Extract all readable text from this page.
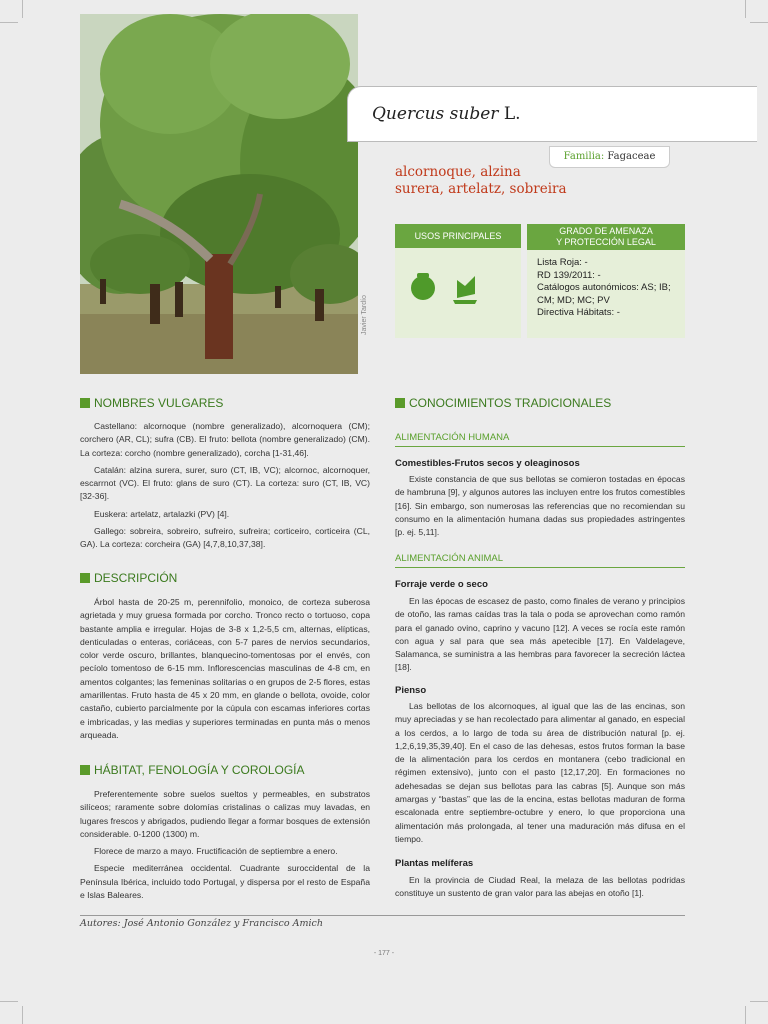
Javier Tardío
Quercus suber L.
Familia: Fagaceae
alcornoque, alzina
surera, artelatz, sobreira
USOS PRINCIPALES	GRADO DE AMENAZA
Y PROTECCIÓN LEGAL
Lista Roja: -
RD 139/2011: -
Catálogos autonómicos: AS; IB;
CM; MD; MC; PV
Directiva Hábitats: -
NOMBRES VULGARES

Castellano: alcornoque (nombre generalizado), alcornoquera (CM); corchero (AR, CL); sufra (CB). El fruto: bellota (nombre generalizado) (CM). La corteza: corcho (nombre generalizado), corcha [1-31,46].

Catalán: alzina surera, surer, suro (CT, IB, VC); alcornoc, alcornoquer, escarrnot (VC). El fruto: glans de suro (CT). La corteza: suro (CT, IB, VC) [32-36].

Euskera: artelatz, artalazki (PV) [4].

Gallego: sobreira, sobreiro, sufreiro, sufreira; corticeiro, corticeira (CL, GA). La corteza: corcheira (GA) [4,7,8,10,37,38].

DESCRIPCIÓN

Árbol hasta de 20-25 m, perennifolio, monoico, de corteza suberosa agrietada y muy gruesa formada por corcho. Tronco recto o tortuoso, copa bastante amplia e irregular. Hojas de 3-8 x 1,2-5,5 cm, alternas, elípticas, denticuladas o enteras, coriáceas, con 5-7 pares de nervios secundarios, color verde oscuro, brillantes, blanquecino-tomentosas por el envés, con pecíolo tomentoso de 6-15 mm. Inflorescencias masculinas de 4-8 cm, en amentos colgantes; las femeninas solitarias o en grupos de 2-5 flores, estas amarillentas. Fruto hasta de 45 x 20 mm, en glande o bellota, ovoide, color castaño, cubierto parcialmente por la cúpula con escamas inferiores cortas e imbricadas, y las medias y superiores terminadas en punta más o menos arqueada.

HÁBITAT, FENOLOGÍA Y COROLOGÍA

Preferentemente sobre suelos sueltos y permeables, en substratos silíceos; raramente sobre dolomías cristalinas o calizas muy lavadas, en lugares frescos y abrigados, pudiendo llegar a formar bosques de extensión considerable. 0-1200 (1300) m.

Florece de marzo a mayo. Fructificación de septiembre a enero.

Especie mediterránea occidental. Cuadrante suroccidental de la Península Ibérica, incluido todo Portugal, y dispersa por el resto de España e Islas Baleares.

CONOCIMIENTOS TRADICIONALES
ALIMENTACIÓN HUMANA
Comestibles-Frutos secos y oleaginosos

Existe constancia de que sus bellotas se comieron tostadas en épocas de hambruna [9], y algunos autores las incluyen entre los frutos comestibles [16]. Sin embargo, son numerosas las referencias que no recomiendan su consumo en la alimentación humana dadas sus propiedades astringentes [p. ej. 5,11].

ALIMENTACIÓN ANIMAL
Forraje verde o seco

En las épocas de escasez de pasto, como finales de verano y principios de otoño, las ramas caídas tras la tala o poda se aprovechan como ramón para el ganado ovino, caprino y vacuno [12]. A veces se rocía este ramón con agua y sal para que sea más apetecible [17]. En Valdelageve, Salamanca, se suministra a las hembras para favorecer la secreción láctea [18].

Pienso

Las bellotas de los alcornoques, al igual que las de las encinas, son muy apreciadas y se han recolectado para alimentar al ganado, en especial a los cerdos, a lo largo de toda su área de distribución natural [p. ej. 1,2,6,19,35,39,40]. En el caso de las dehesas, estos frutos forman la base de la alimentación para los cerdos en montanera (cebo tradicional en régimen extensivo), junto con el pasto [12,17,20]. En formaciones no adehesadas se dejan sus bellotas para las cabras [5]. Aunque son más amargas y “bastas” que las de la encina, estas bellotas maduran de forma escalonada entre septiembre-octubre y enero, lo que proporciona una alimentación más prolongada, al tener una maduración más difusa en el tiempo.

Plantas melíferas

En la provincia de Ciudad Real, la melaza de las bellotas podridas constituye un sustento de gran valor para las abejas en otoño [1].

Autores: José Antonio González y Francisco Amich
- 177 -
